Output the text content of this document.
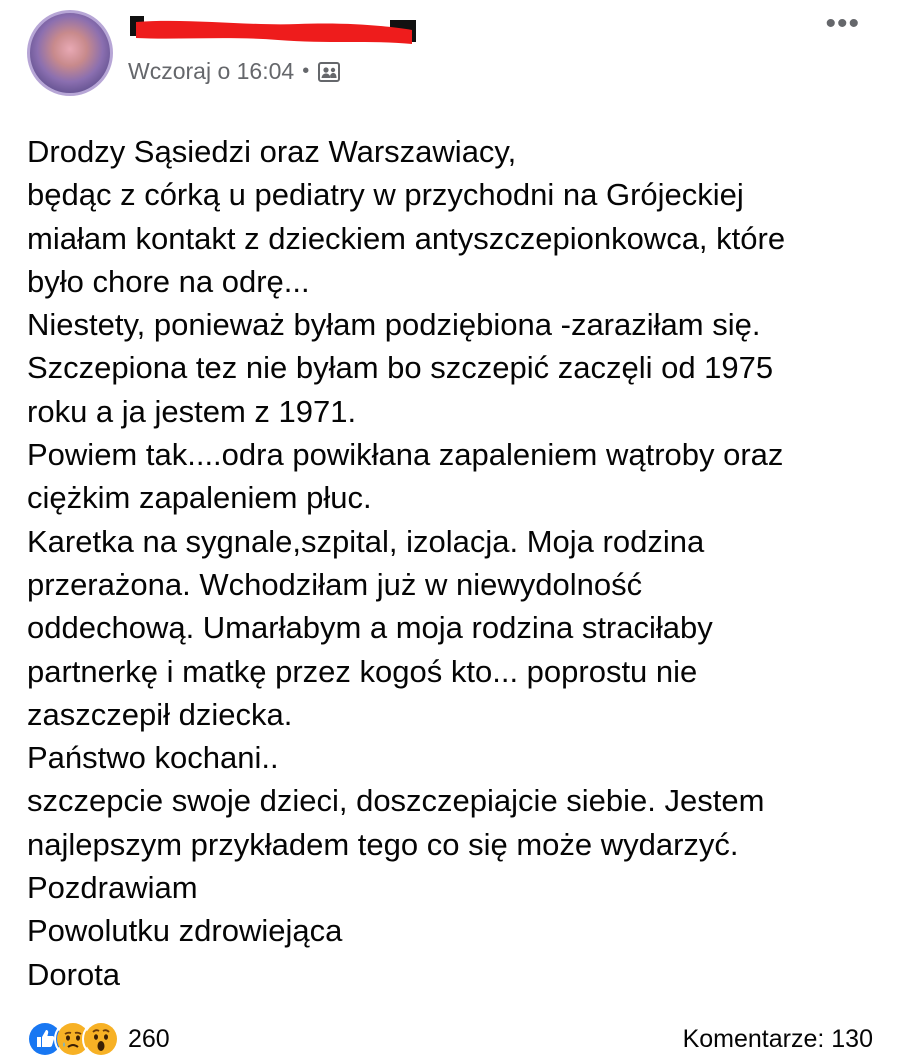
Wczoraj o 16:04 •
•••
Drodzy Sąsiedzi oraz Warszawiacy,
będąc z córką u pediatry w przychodni na Grójeckiej
miałam kontakt z dzieckiem antyszczepionkowca, które
było chore na odrę...
Niestety, ponieważ byłam podziębiona -zaraziłam się.
Szczepiona tez nie byłam bo szczepić zaczęli od 1975
roku a ja jestem z 1971.
Powiem tak....odra powikłana zapaleniem wątroby oraz
ciężkim zapaleniem płuc.
Karetka na sygnale,szpital, izolacja. Moja rodzina
przerażona. Wchodziłam już w niewydolność
oddechową. Umarłabym a moja rodzina straciłaby
partnerkę i matkę przez kogoś kto... poprostu nie
zaszczepił dziecka.
Państwo kochani..
szczepcie swoje dzieci, doszczepiajcie siebie. Jestem
najlepszym przykładem tego co się może wydarzyć.
Pozdrawiam
Powolutku zdrowiejąca
Dorota
260	Komentarze: 130
